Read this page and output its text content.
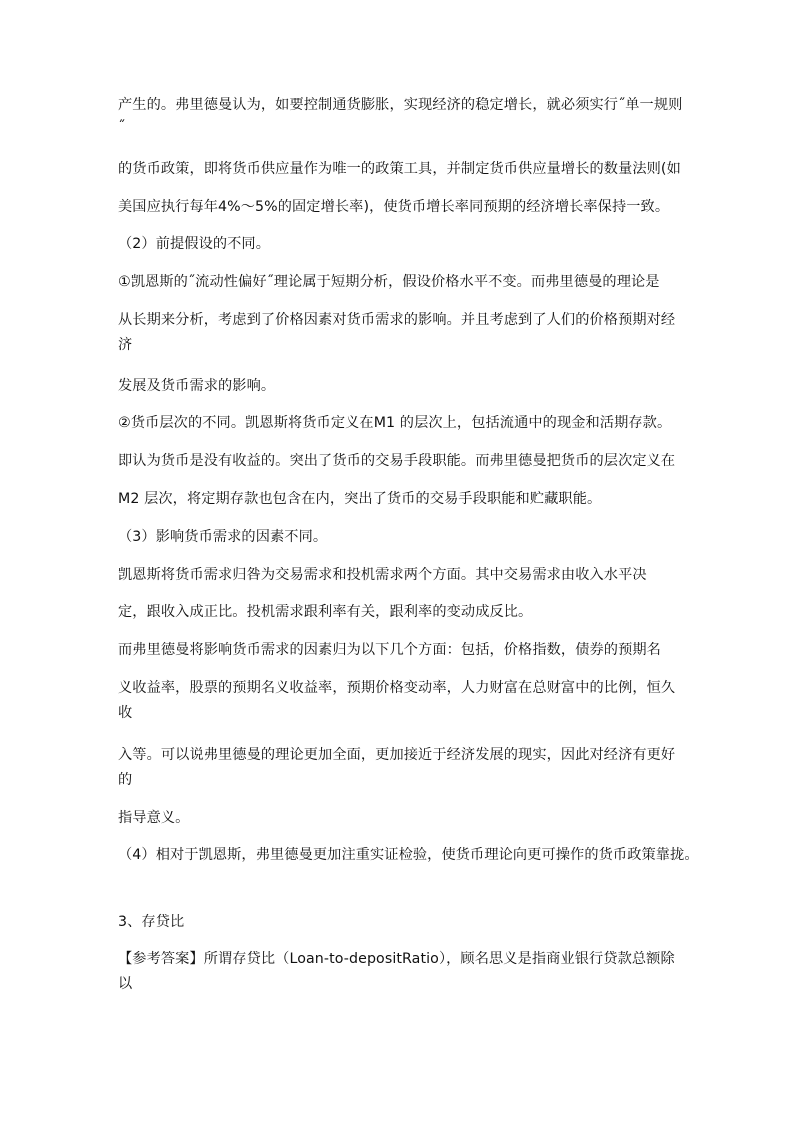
产生的。弗里德曼认为，如要控制通货膨胀，实现经济的稳定增长，就必须实行˝单一规则
˝
的货币政策，即将货币供应量作为唯一的政策工具，并制定货币供应量增长的数量法则(如
美国应执行每年4%～5%的固定增长率)，使货币增长率同预期的经济增长率保持一致。
（2）前提假设的不同。
①凯恩斯的˝流动性偏好˝理论属于短期分析，假设价格水平不变。而弗里德曼的理论是
从长期来分析，考虑到了价格因素对货币需求的影响。并且考虑到了人们的价格预期对经
济
发展及货币需求的影响。
②货币层次的不同。凯恩斯将货币定义在M1 的层次上，包括流通中的现金和活期存款。
即认为货币是没有收益的。突出了货币的交易手段职能。而弗里德曼把货币的层次定义在
M2 层次，将定期存款也包含在内，突出了货币的交易手段职能和贮藏职能。
（3）影响货币需求的因素不同。
凯恩斯将货币需求归咎为交易需求和投机需求两个方面。其中交易需求由收入水平决
定，跟收入成正比。投机需求跟利率有关，跟利率的变动成反比。
而弗里德曼将影响货币需求的因素归为以下几个方面：包括，价格指数，债券的预期名
义收益率，股票的预期名义收益率，预期价格变动率，人力财富在总财富中的比例，恒久
收
入等。可以说弗里德曼的理论更加全面，更加接近于经济发展的现实，因此对经济有更好
的
指导意义。
（4）相对于凯恩斯，弗里德曼更加注重实证检验，使货币理论向更可操作的货币政策靠拢。
3、存贷比
【参考答案】所谓存贷比（Loan-to-depositRatio），顾名思义是指商业银行贷款总额除
以
